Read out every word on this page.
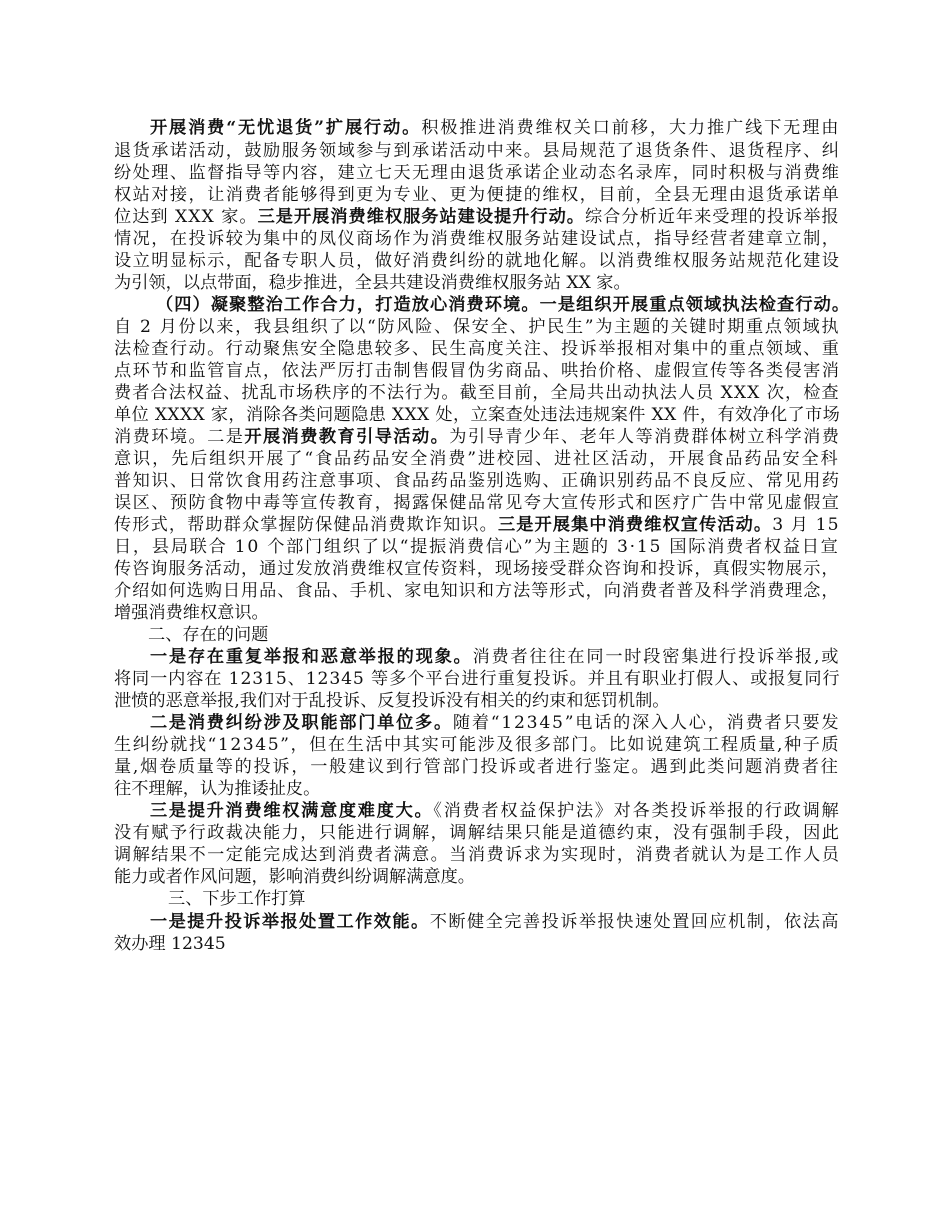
开展消费“无忧退货”扩展行动。积极推进消费维权关口前移，大力推广线下无理由
退货承诺活动，鼓励服务领域参与到承诺活动中来。县局规范了退货条件、退货程序、纠
纷处理、监督指导等内容，建立七天无理由退货承诺企业动态名录库，同时积极与消费维
权站对接，让消费者能够得到更为专业、更为便捷的维权，目前，全县无理由退货承诺单
位达到 XXX 家。三是开展消费维权服务站建设提升行动。综合分析近年来受理的投诉举报
情况，在投诉较为集中的凤仪商场作为消费维权服务站建设试点，指导经营者建章立制，
设立明显标示，配备专职人员，做好消费纠纷的就地化解。以消费维权服务站规范化建设
为引领，以点带面，稳步推进，全县共建设消费维权服务站 XX 家。
（四）凝聚整治工作合力，打造放心消费环境。一是组织开展重点领域执法检查行动。
自 2 月份以来，我县组织了以“防风险、保安全、护民生”为主题的关键时期重点领域执
法检查行动。行动聚焦安全隐患较多、民生高度关注、投诉举报相对集中的重点领域、重
点环节和监管盲点，依法严厉打击制售假冒伪劣商品、哄抬价格、虚假宣传等各类侵害消
费者合法权益、扰乱市场秩序的不法行为。截至目前，全局共出动执法人员 XXX 次，检查
单位 XXXX 家，消除各类问题隐患 XXX 处，立案查处违法违规案件 XX 件，有效净化了市场
消费环境。二是开展消费教育引导活动。为引导青少年、老年人等消费群体树立科学消费
意识，先后组织开展了“食品药品安全消费”进校园、进社区活动，开展食品药品安全科
普知识、日常饮食用药注意事项、食品药品鉴别选购、正确识别药品不良反应、常见用药
误区、预防食物中毒等宣传教育，揭露保健品常见夸大宣传形式和医疗广告中常见虚假宣
传形式，帮助群众掌握防保健品消费欺诈知识。三是开展集中消费维权宣传活动。3 月 15
日，县局联合 10 个部门组织了以“提振消费信心”为主题的 3·15 国际消费者权益日宣
传咨询服务活动，通过发放消费维权宣传资料，现场接受群众咨询和投诉，真假实物展示，
介绍如何选购日用品、食品、手机、家电知识和方法等形式，向消费者普及科学消费理念，
增强消费维权意识。
二、存在的问题
一是存在重复举报和恶意举报的现象。消费者往往在同一时段密集进行投诉举报,或
将同一内容在 12315、12345 等多个平台进行重复投诉。并且有职业打假人、或报复同行
泄愤的恶意举报,我们对于乱投诉、反复投诉没有相关的约束和惩罚机制。
二是消费纠纷涉及职能部门单位多。随着“12345”电话的深入人心，消费者只要发
生纠纷就找“12345”，但在生活中其实可能涉及很多部门。比如说建筑工程质量,种子质
量,烟卷质量等的投诉，一般建议到行管部门投诉或者进行鉴定。遇到此类问题消费者往
往不理解，认为推诿扯皮。
三是提升消费维权满意度难度大。《消费者权益保护法》对各类投诉举报的行政调解
没有赋予行政裁决能力，只能进行调解，调解结果只能是道德约束，没有强制手段，因此
调解结果不一定能完成达到消费者满意。当消费诉求为实现时，消费者就认为是工作人员
能力或者作风问题，影响消费纠纷调解满意度。
三、下步工作打算
一是提升投诉举报处置工作效能。不断健全完善投诉举报快速处置回应机制，依法高
效办理 12345
